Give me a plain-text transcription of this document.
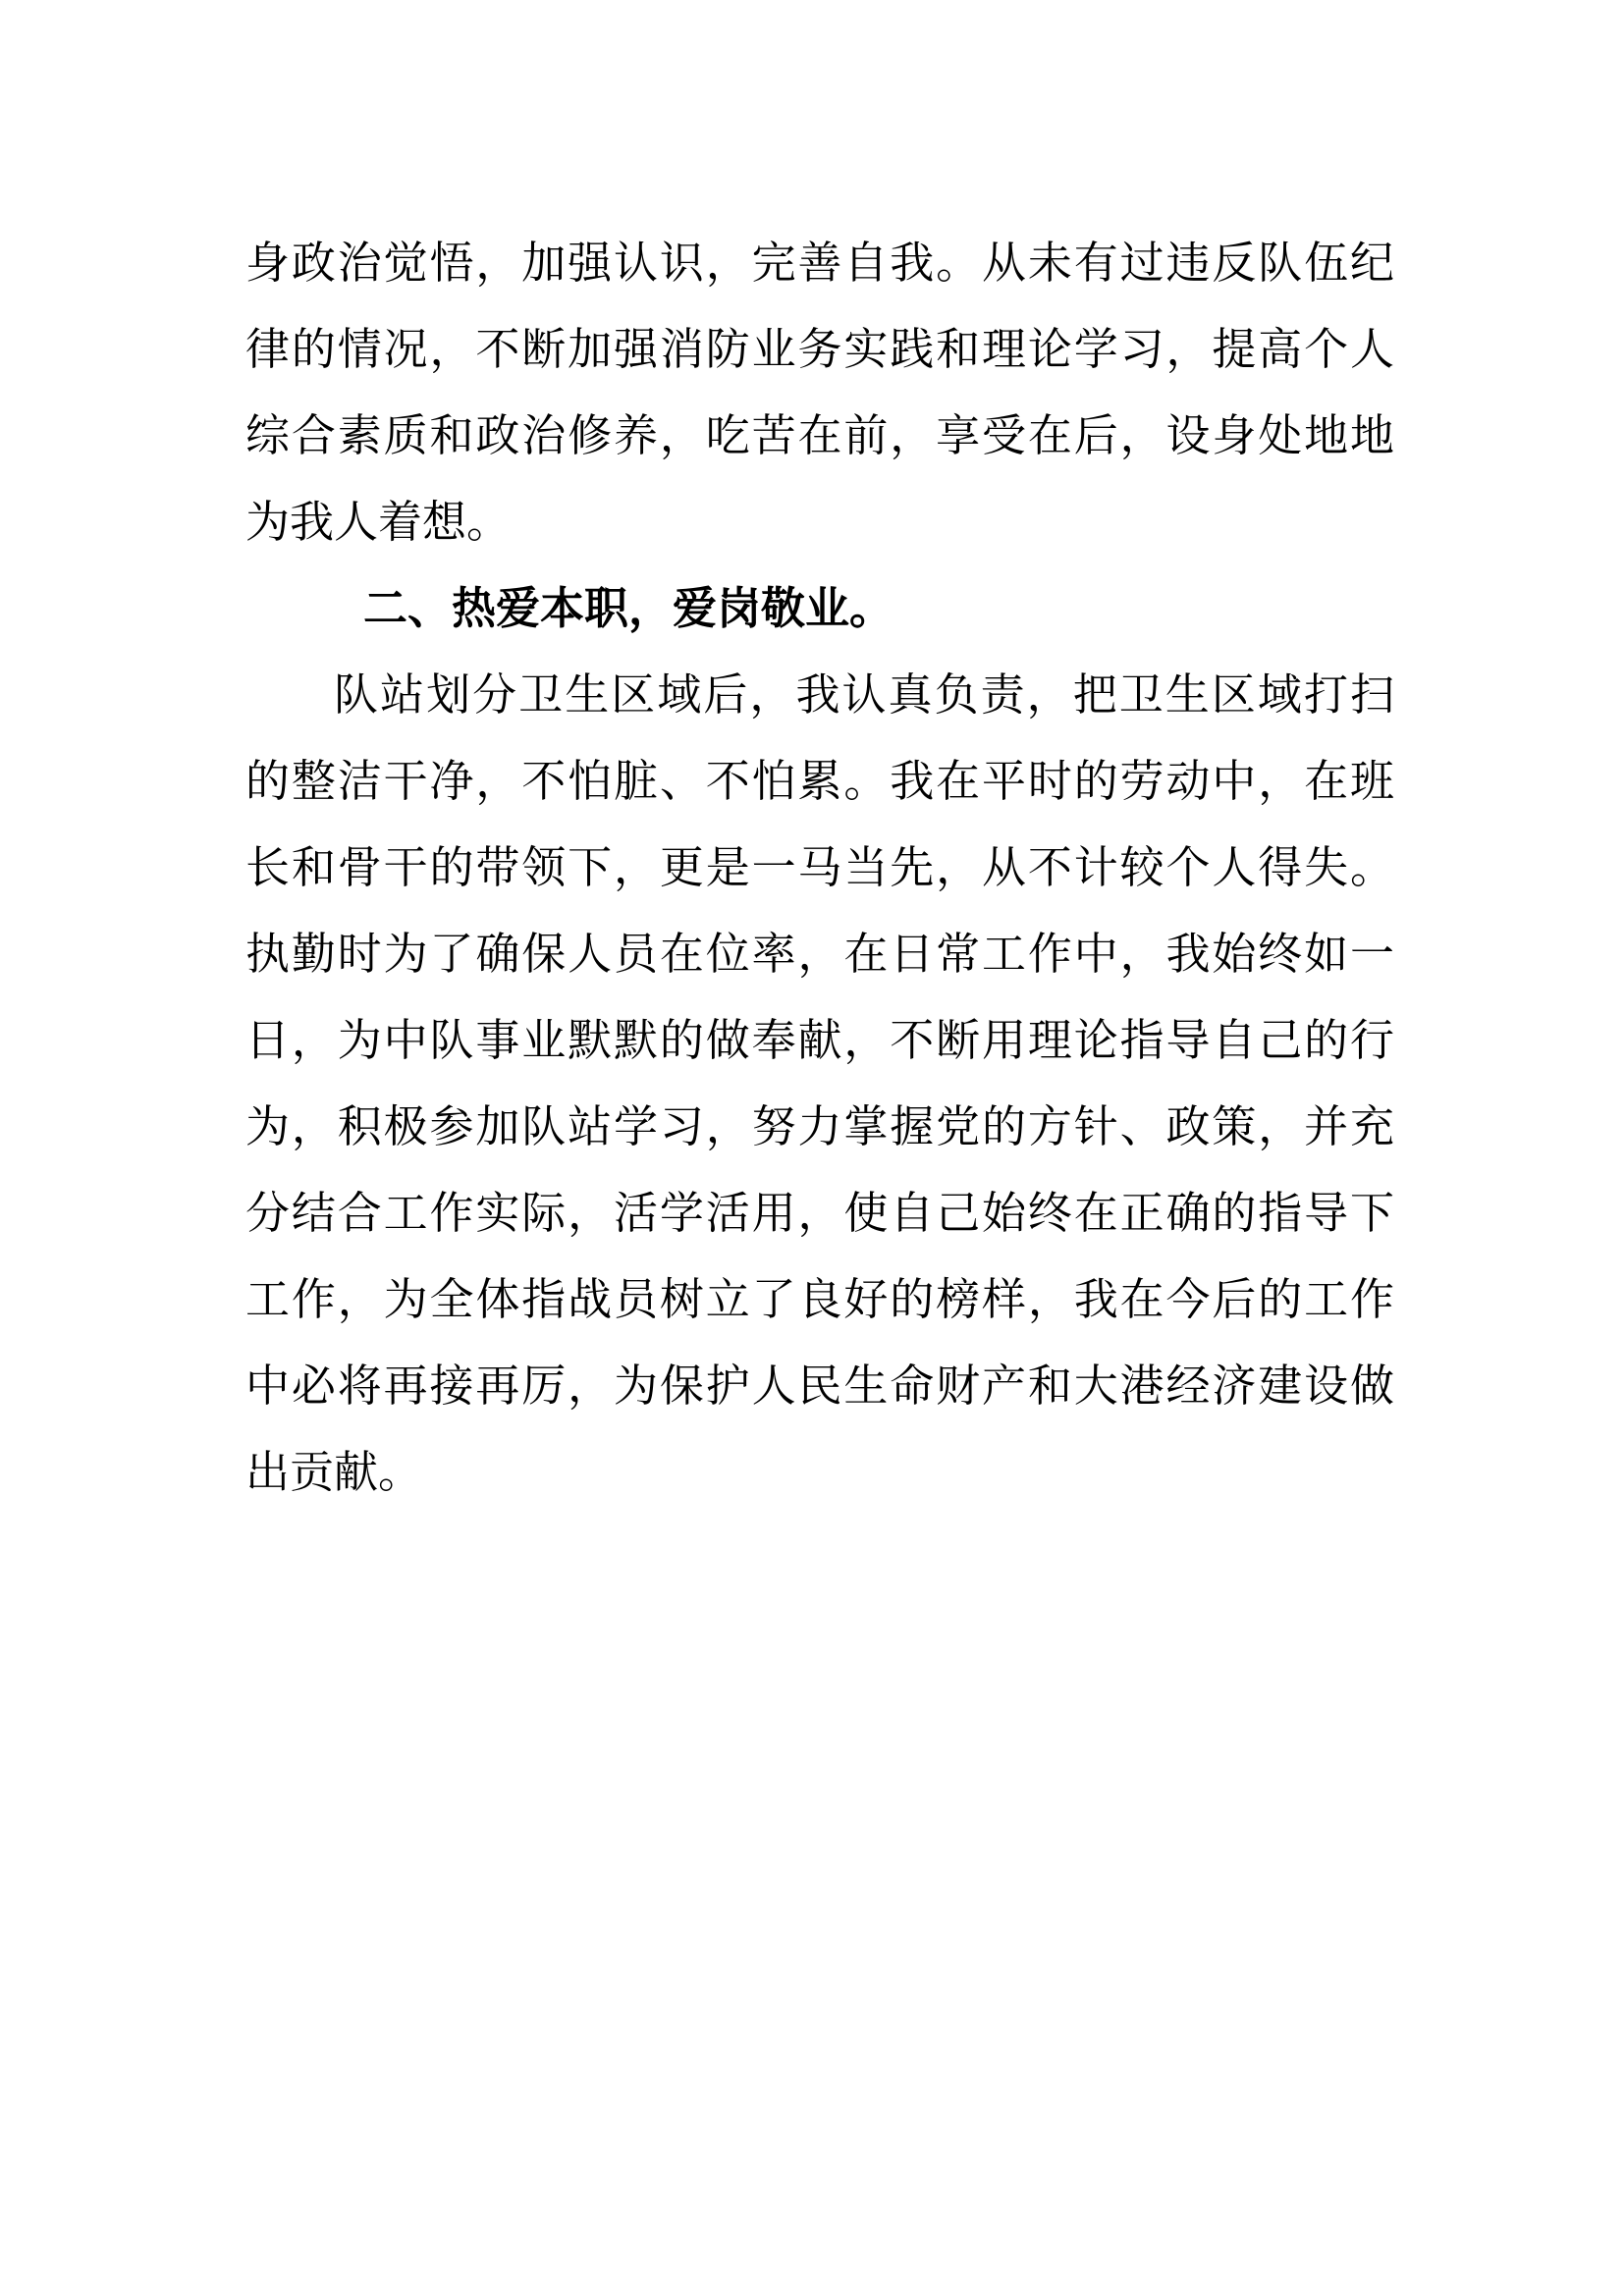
身政治觉悟，加强认识，完善自我。从未有过违反队伍纪
律的情况，不断加强消防业务实践和理论学习，提高个人
综合素质和政治修养，吃苦在前，享受在后，设身处地地
为我人着想。
二、热爱本职，爱岗敬业。
队站划分卫生区域后，我认真负责，把卫生区域打扫
的整洁干净，不怕脏、不怕累。我在平时的劳动中，在班
长和骨干的带领下，更是一马当先，从不计较个人得失。
执勤时为了确保人员在位率，在日常工作中，我始终如一
日，为中队事业默默的做奉献，不断用理论指导自己的行
为，积极参加队站学习，努力掌握党的方针、政策，并充
分结合工作实际，活学活用，使自己始终在正确的指导下
工作，为全体指战员树立了良好的榜样，我在今后的工作
中必将再接再厉，为保护人民生命财产和大港经济建设做
出贡献。
